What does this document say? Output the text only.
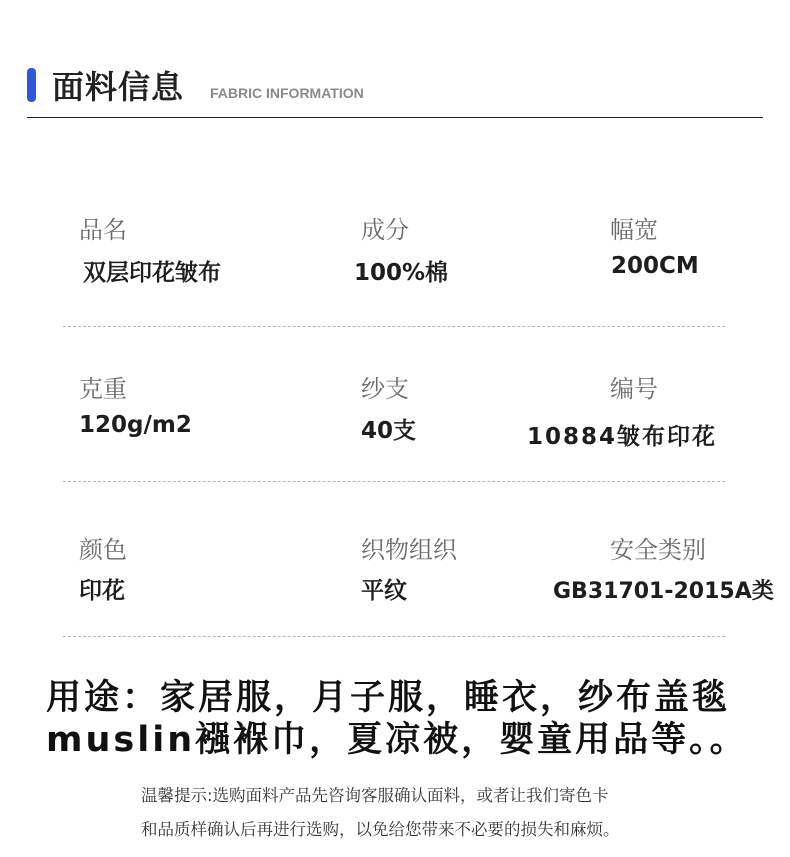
面料信息 FABRIC INFORMATION
品名
双层印花皱布
成分
100%棉
幅宽
200CM
克重
120g/m2
纱支
40支
编号
10884皱布印花
颜色
印花
织物组织
平纹
安全类别
GB31701-2015A类
用途：家居服，月子服，睡衣，纱布盖毯
muslin襁褓巾，夏凉被，婴童用品等。。
温馨提示:选购面料产品先咨询客服确认面料，或者让我们寄色卡
和品质样确认后再进行选购，以免给您带来不必要的损失和麻烦。
